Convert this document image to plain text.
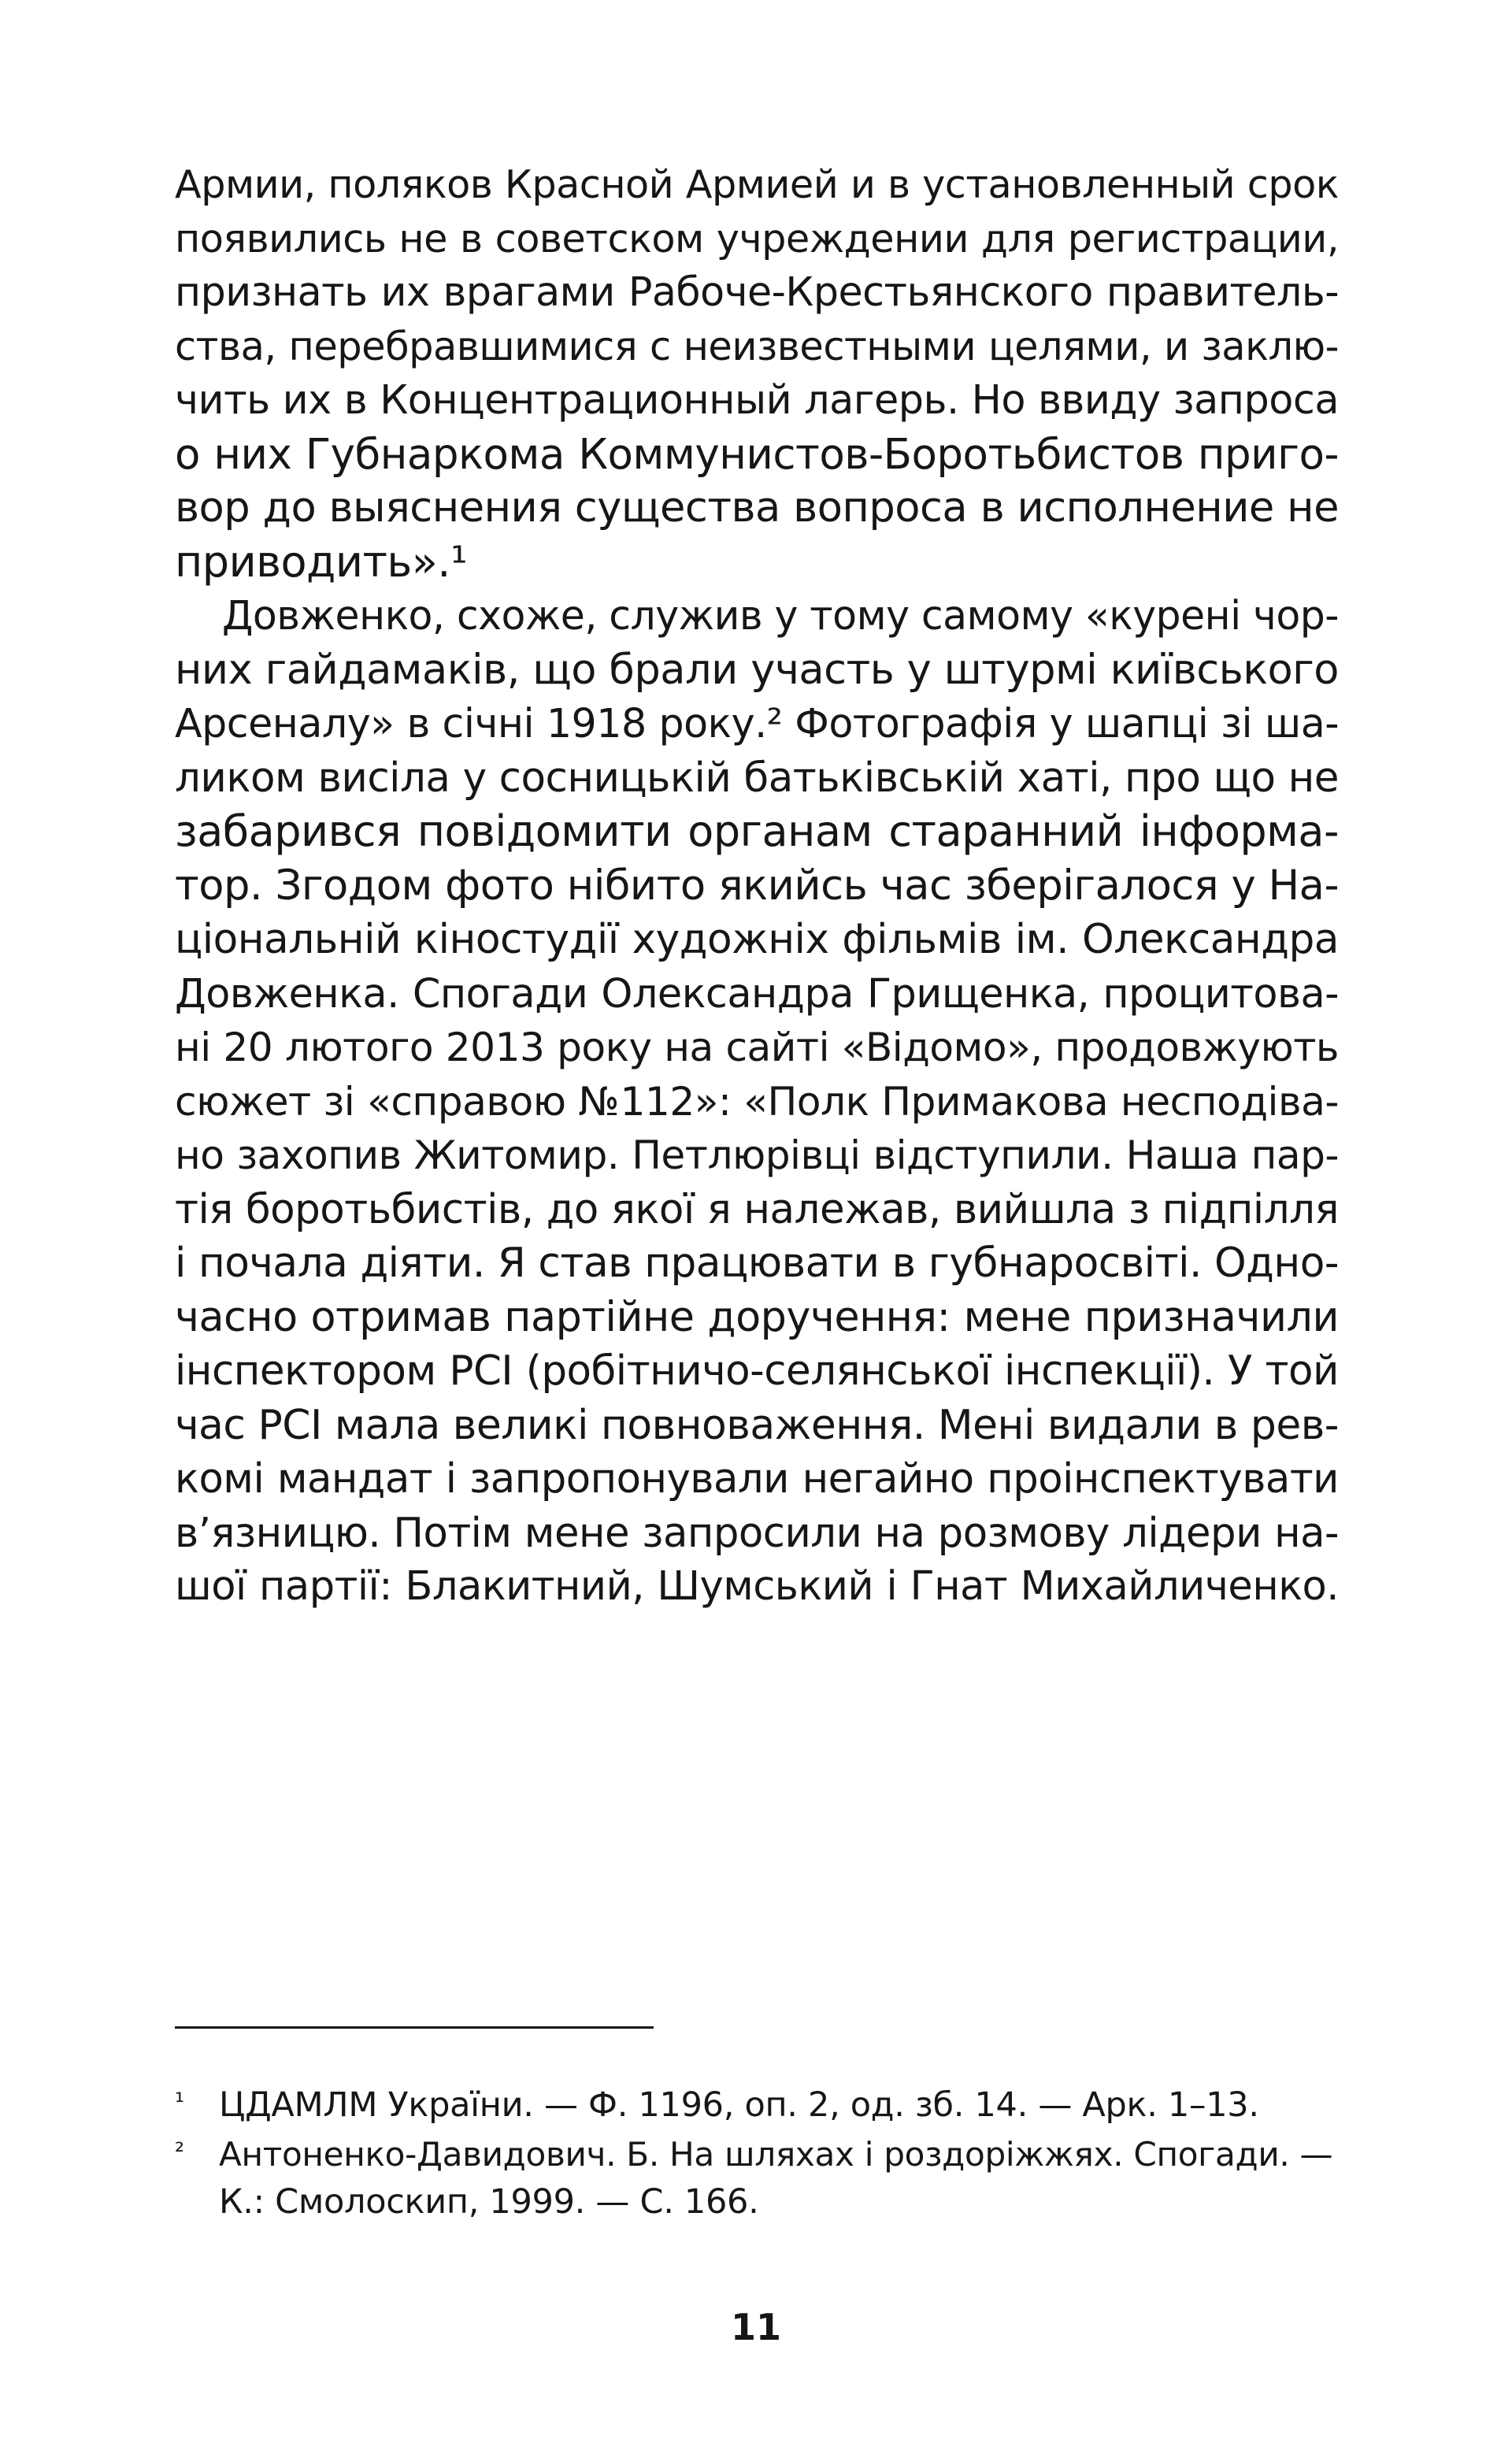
Армии, поляков Красной Армией и в установленный срок
появились не в советском учреждении для регистрации,
признать их врагами Рабоче-Крестьянского правитель-
ства, перебравшимися с неизвестными целями, и заклю-
чить их в Концентрационный лагерь. Но ввиду запроса
о них Губнаркома Коммунистов-Боротьбистов приго-
вор до выяснения существа вопроса в исполнение не
приводить».¹
Довженко, схоже, служив у тому самому «курені чор-
них гайдамаків, що брали участь у штурмі київського
Арсеналу» в січні 1918 року.² Фотографія у шапці зі ша-
ликом висіла у сосницькій батьківській хаті, про що не
забарився повідомити органам старанний інформа-
тор. Згодом фото нібито якийсь час зберігалося у На-
ціональній кіностудії художніх фільмів ім. Олександра
Довженка. Спогади Олександра Грищенка, процитова-
ні 20 лютого 2013 року на сайті «Відомо», продовжують
сюжет зі «справою №112»: «Полк Примакова несподіва-
но захопив Житомир. Петлюрівці відступили. Наша пар-
тія боротьбистів, до якої я належав, вийшла з підпілля
і почала діяти. Я став працювати в губнаросвіті. Одно-
часно отримав партійне доручення: мене призначили
інспектором РСІ (робітничо-селянської інспекції). У той
час РСІ мала великі повноваження. Мені видали в рев-
комі мандат і запропонували негайно проінспектувати
в’язницю. Потім мене запросили на розмову лідери на-
шої партії: Блакитний, Шумський і Гнат Михайличенко.
¹ ЦДАМЛМ України. — Ф. 1196, оп. 2, од. зб. 14. — Арк. 1–13.
² Антоненко-Давидович. Б. На шляхах і роздоріжжях. Спогади. —
К.: Смолоскип, 1999. — С. 166.
11
